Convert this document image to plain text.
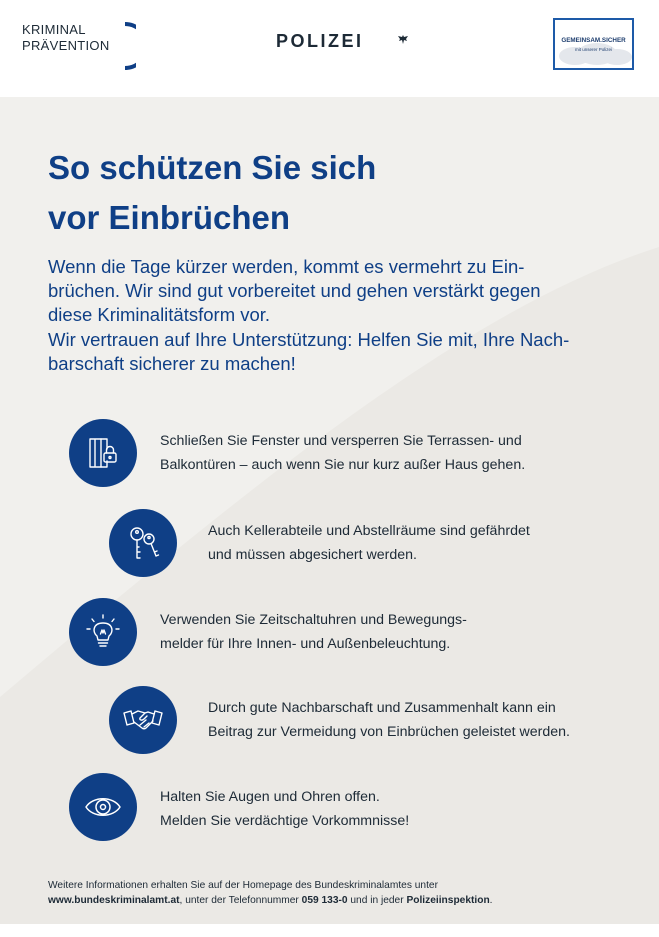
KRIMINAL
PRÄVENTION	POLIZEI	GEMEINSAM.SICHER
mit unserer Polizei
So schützen Sie sich
vor Einbrüchen

Wenn die Tage kürzer werden, kommt es vermehrt zu Ein-
brüchen. Wir sind gut vorbereitet und gehen verstärkt gegen
diese Kriminalitätsform vor.
Wir vertrauen auf Ihre Unterstützung: Helfen Sie mit, Ihre Nach-
barschaft sicherer zu machen!

Schließen Sie Fenster und versperren Sie Terrassen- und
Balkontüren – auch wenn Sie nur kurz außer Haus gehen.
Auch Kellerabteile und Abstellräume sind gefährdet
und müssen abgesichert werden.
Verwenden Sie Zeitschaltuhren und Bewegungs-
melder für Ihre Innen- und Außenbeleuchtung.
Durch gute Nachbarschaft und Zusammenhalt kann ein
Beitrag zur Vermeidung von Einbrüchen geleistet werden.
Halten Sie Augen und Ohren offen.
Melden Sie verdächtige Vorkommnisse!
Weitere Informationen erhalten Sie auf der Homepage des Bundeskriminalamtes unter
www.bundeskriminalamt.at, unter der Telefonnummer 059 133-0 und in jeder Polizeiinspektion.
